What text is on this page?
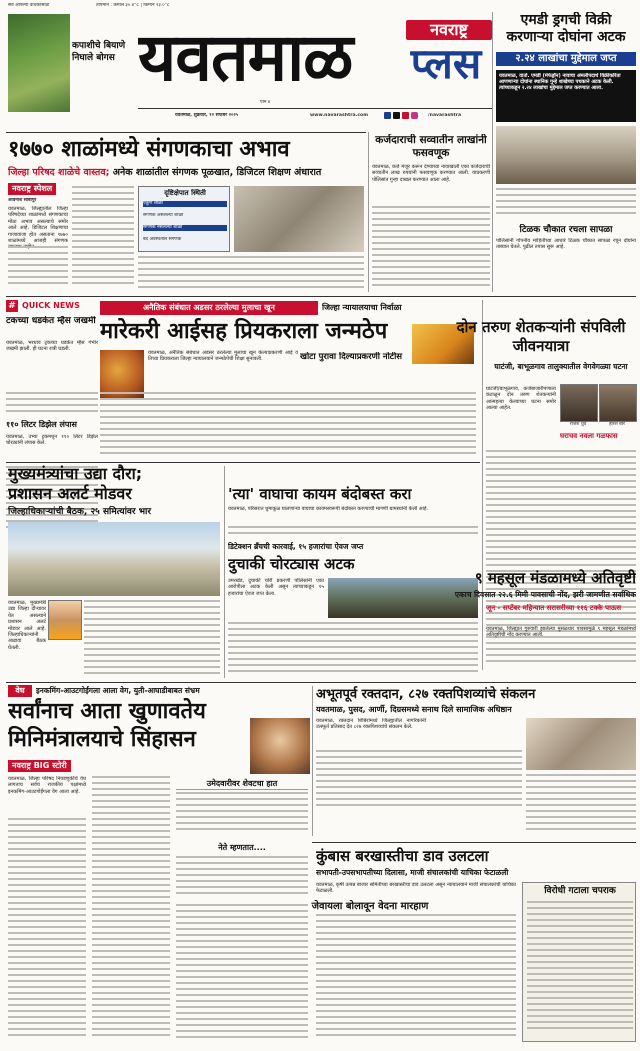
सर्व आपल्या वाचकांसाठी	तापमान : कमाल ३०.४°c | किमान २३.०°c
कपाशीचे बियाणे निघाले बोगस यवतमाळ	नवराष्ट्र
प्लस
पान ४
यवतमाळ, शुक्रवार, १२ सप्टेंबर २०२५	www.navarashtra.com	/navarashtra
एमडी ड्रगची विक्री करणाऱ्या दोघांना अटक
२.२४ लाखांचा मुद्देमाल जप्त
यवतमाळ, वार्ता. एमडी (मेफेड्रॉन) नावाचा अंमलीपदार्थ विक्रीकरिता आणणाऱ्या दोघांना स्थानिक गुन्हे शाखेच्या पथकाने अटक केली. त्यांच्याकडून २.२४ लाखांचा मुद्देमाल जप्त करण्यात आला.
टिळक चौकात रचला सापळा
पोलिसांनी गोपनीय माहितीच्या आधारे टिळक चौकात सापळा रचून दोघांना ताब्यात घेतले. पुढील तपास सुरू आहे.
१७७० शाळांमध्ये संगणकाचा अभाव
जिल्हा परिषद शाळेचे वास्तव; अनेक शाळांतील संगणक पूळखात, डिजिटल शिक्षण अंधारात
नवराष्ट्र स्पेशल
अविनाश साबापुरे
यवतमाळ, जिल्ह्यातील जिल्हा परिषदेच्या शाळांमध्ये संगणकाचा मोठा अभाव असल्याचे समोर आले आहे. डिजिटल शिक्षणाचा गाजावाजा होत असताना १७७० शाळांमध्ये आजही संगणक
दृष्टिक्षेपात स्थिती
एकूण शाळा
संगणक असलेल्या शाळा
संगणक नसलेल्या शाळा
बंद अवस्थेतील संगणक
कर्जदाराची सव्वातीन लाखांनी फसवणूक
यवतमाळ, कर्ज मंजूर करून देण्याच्या नावाखाली एका कर्जदाराची सव्वातीन लाख रुपयांनी फसवणूक करण्यात आली. याप्रकरणी पोलिसांत गुन्हा दाखल करण्यात आला आहे.
# QUICK NEWS
टकच्या धडकेत म्हैस जखमी
यवतमाळ, भरधाव ट्रकच्या धडकेत म्हैस गंभीर जखमी झाली. ही घटना रात्री घडली.
११० लिटर डिझेल लंपास
यवतमाळ, उभ्या ट्रकमधून ११० लिटर डिझेल चोरट्यांनी लंपास केले.
अनैतिक संबंधात अडसर ठरलेल्या मुलाचा खून	जिल्हा न्यायालयाचा निर्वाळा
मारेकरी आईसह प्रियकराला जन्मठेप
यवतमाळ, अनैतिक संबंधात अडसर ठरलेल्या मुलाचा खून केल्याप्रकरणी आई व तिच्या प्रियकराला जिल्हा न्यायालयाने जन्मठेपेची शिक्षा सुनावली.	खोटा पुरावा दिल्याप्रकरणी नोटीस
दोन तरुण शेतकऱ्यांनी संपविली जीवनयात्रा
घाटंजी, बाभूळगाव तालुक्यातील वेगवेगळ्या घटना
घाटंजी/बाभूळगाव, कर्जबाजारीपणाला कंटाळून दोन तरुण शेतकऱ्यांनी आत्महत्या केल्याच्या घटना समोर आल्या आहेत.
राजेश धुर्वे	हरिश बोरे
घराचव नवला गळफास
मुख्यमंत्र्यांचा उद्या दौरा;
प्रशासन अलर्ट मोडवर
जिल्हाधिकाऱ्यांची बैठक, २५ समित्यांवर भार
यवतमाळ, मुख्यमंत्री उद्या जिल्हा दौऱ्यावर येत असल्याने प्रशासन अलर्ट मोडवर आले आहे. जिल्हाधिकाऱ्यांनी आढावा बैठक घेतली.
'त्या' वाघाचा कायम बंदोबस्त करा
यवतमाळ, परिसरात धुमाकूळ घालणाऱ्या वाघाचा कायमस्वरूपी बंदोबस्त करण्याची मागणी ग्रामस्थांनी केली आहे.
डिटेक्शन ब्रँचची कारवाई, १५ हजारांचा ऐवज जप्त
दुचाकी चोरट्यास अटक
उमरखेड, दुचाकी चोरी प्रकरणी पोलिसांनी एका आरोपीला अटक केली असून त्याच्याकडून १५ हजारांचा ऐवज जप्त केला.
वेध	इनकमिंग-आउटगोईंगला आला वेग, युती-आघाडीबाबत संभ्रम
सर्वांनाच आता खुणावतेय
मिनिमंत्रालयाचे सिंहासन
नवराष्ट्र BIG स्टोरी
यवतमाळ, जिल्हा परिषद निवडणुकीचे वेध लागताच सर्वच राजकीय पक्षांमध्ये इनकमिंग-आउटगोईंगला वेग आला आहे.
उमेदवारीवर शेवटचा हात
नेते म्हणतात....
जेवायला बोलावून वेदना मारहाण
अभूतपूर्व रक्तदान, ८२७ रक्तपिशव्यांचे संकलन
यवतमाळ, पुसद, आर्णी, दिग्रसमध्ये सनाथ दिले सामाजिक अधिष्ठान
यवतमाळ, रक्तदान शिबिरांमध्ये जिल्ह्यातील नागरिकांनी उत्स्फूर्त प्रतिसाद देत ८२७ रक्तपिशव्यांचे संकलन केले.
कुंबास बरखास्तीचा डाव उलटला
सभापती-उपसभापतीच्या दिलासा, माजी संचालकांची याचिका फेटाळली
यवतमाळ, कृषी उत्पन्न बाजार समितीच्या बरखास्तीचा डाव उलटला असून न्यायालयाने माजी संचालकांची याचिका फेटाळली.	विरोधी गटाला चपराक
९ महसूल मंडळामध्ये अतिवृष्टी
एकाच दिवसात २२.६ मिमी पावसाची नोंद, झरी जामणीत सर्वाधिक
जून - सप्टेंबर महिन्यात सरासरीच्या ११६ टक्के पाऊस
यवतमाळ, जिल्ह्यात गुरुवारी झालेल्या मुसळधार पावसामुळे ९ महसूल मंडळांमध्ये अतिवृष्टीची नोंद करण्यात आली.
